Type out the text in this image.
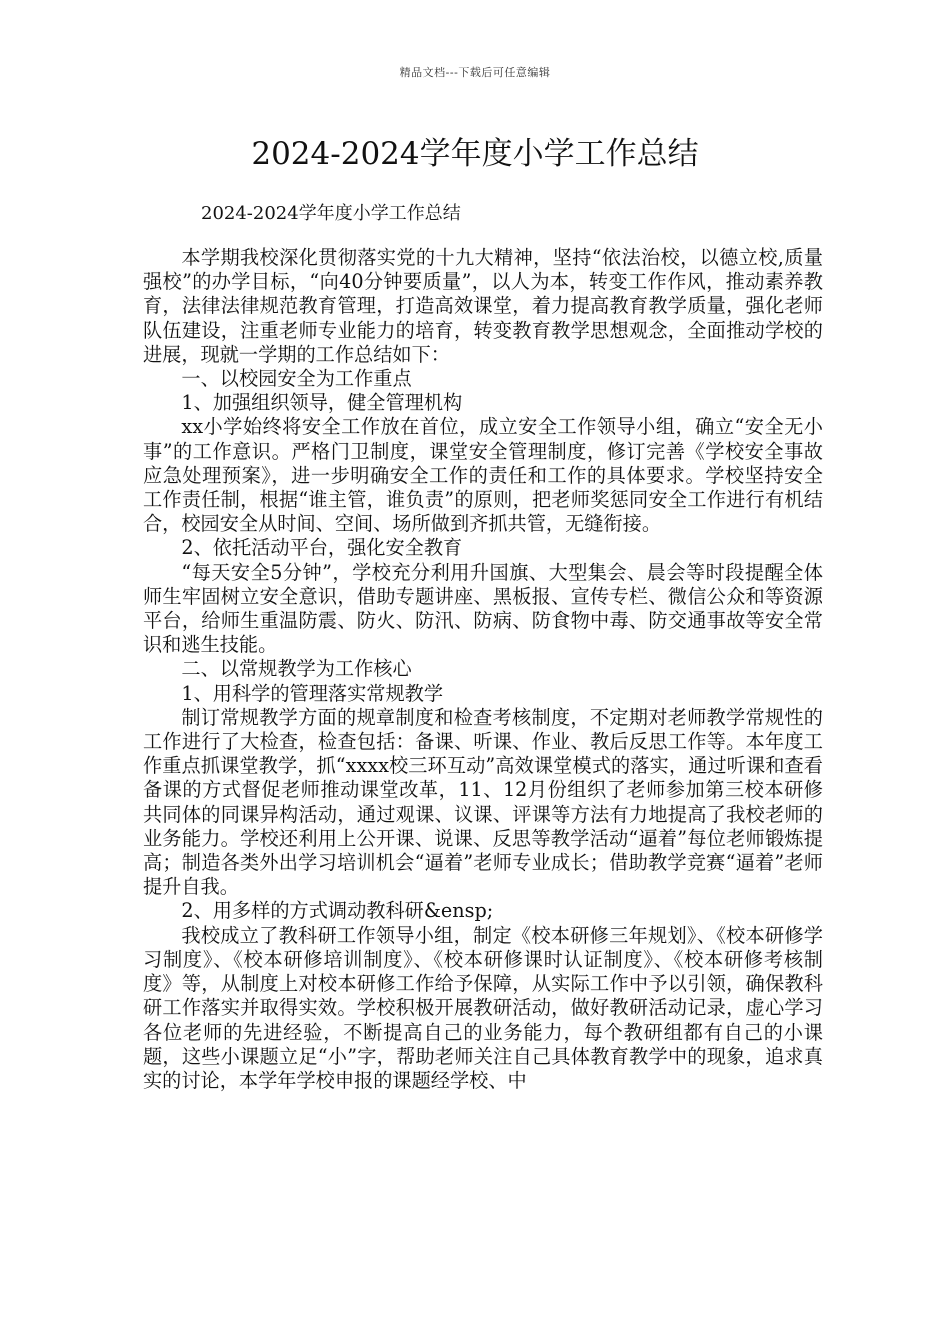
精品文档---下载后可任意编辑
2024-2024学年度小学工作总结
2024-2024学年度小学工作总结

本学期我校深化贯彻落实党的十九大精神，坚持“依法治校，以德立校,质量强校”的办学目标，“向40分钟要质量”，以人为本，转变工作作风，推动素养教育，法律法律规范教育管理，打造高效课堂，着力提高教育教学质量，强化老师队伍建设，注重老师专业能力的培育，转变教育教学思想观念，全面推动学校的进展，现就一学期的工作总结如下：

一、以校园安全为工作重点

1、加强组织领导，健全管理机构

xx小学始终将安全工作放在首位，成立安全工作领导小组，确立“安全无小事”的工作意识。严格门卫制度，课堂安全管理制度，修订完善《学校安全事故应急处理预案》，进一步明确安全工作的责任和工作的具体要求。学校坚持安全工作责任制，根据“谁主管，谁负责”的原则，把老师奖惩同安全工作进行有机结合，校园安全从时间、空间、场所做到齐抓共管，无缝衔接。

2、依托活动平台，强化安全教育

“每天安全5分钟”，学校充分利用升国旗、大型集会、晨会等时段提醒全体师生牢固树立安全意识，借助专题讲座、黑板报、宣传专栏、微信公众和等资源平台，给师生重温防震、防火、防汛、防病、防食物中毒、防交通事故等安全常识和逃生技能。

二、以常规教学为工作核心

1、用科学的管理落实常规教学

制订常规教学方面的规章制度和检查考核制度，不定期对老师教学常规性的工作进行了大检查，检查包括：备课、听课、作业、教后反思工作等。本年度工作重点抓课堂教学，抓“xxxx校三环互动”高效课堂模式的落实，通过听课和查看备课的方式督促老师推动课堂改革，11、12月份组织了老师参加第三校本研修共同体的同课异构活动，通过观课、议课、评课等方法有力地提高了我校老师的业务能力。学校还利用上公开课、说课、反思等教学活动“逼着”每位老师锻炼提高；制造各类外出学习培训机会“逼着”老师专业成长；借助教学竞赛“逼着”老师提升自我。

2、用多样的方式调动教科研&ensp;

我校成立了教科研工作领导小组，制定《校本研修三年规划》、《校本研修学习制度》、《校本研修培训制度》、《校本研修课时认证制度》、《校本研修考核制度》等，从制度上对校本研修工作给予保障，从实际工作中予以引领，确保教科研工作落实并取得实效。学校积极开展教研活动，做好教研活动记录，虚心学习各位老师的先进经验，不断提高自己的业务能力，每个教研组都有自己的小课题，这些小课题立足“小”字，帮助老师关注自己具体教育教学中的现象，追求真实的讨论，本学年学校申报的课题经学校、中
